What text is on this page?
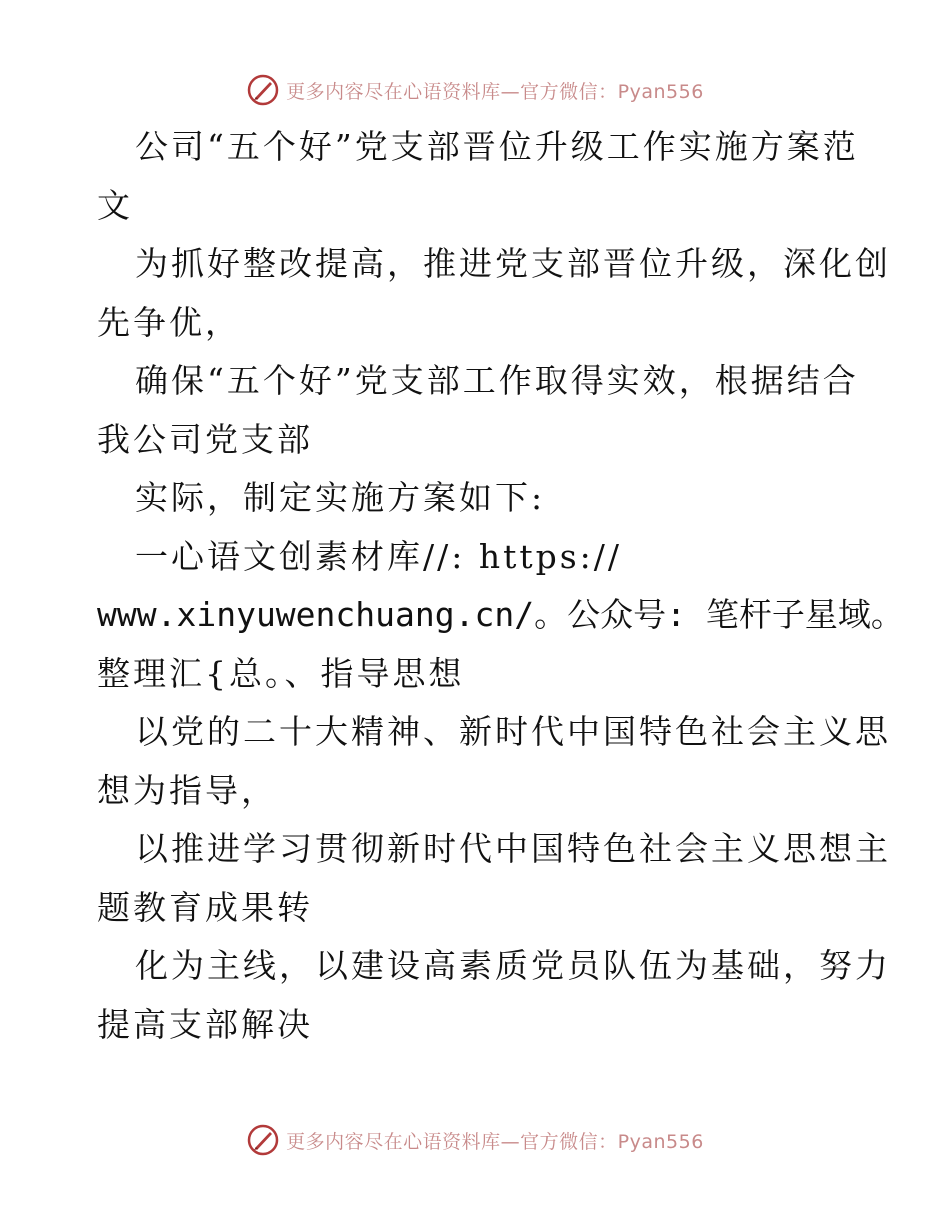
更多内容尽在心语资料库—官方微信：Pyan556
公司“五个好”党支部晋位升级工作实施方案范
文
为抓好整改提高，推进党支部晋位升级，深化创
先争优，
确保“五个好”党支部工作取得实效，根据结合
我公司党支部
实际，制定实施方案如下:
一心语文创素材库//: https://
www.xinyuwenchuang.cn/。公众号: 笔杆子星域。
整理汇{总。、指导思想
以党的二十大精神、新时代中国特色社会主义思
想为指导，
以推进学习贯彻新时代中国特色社会主义思想主
题教育成果转
化为主线，以建设高素质党员队伍为基础，努力
提高支部解决
更多内容尽在心语资料库—官方微信：Pyan556
